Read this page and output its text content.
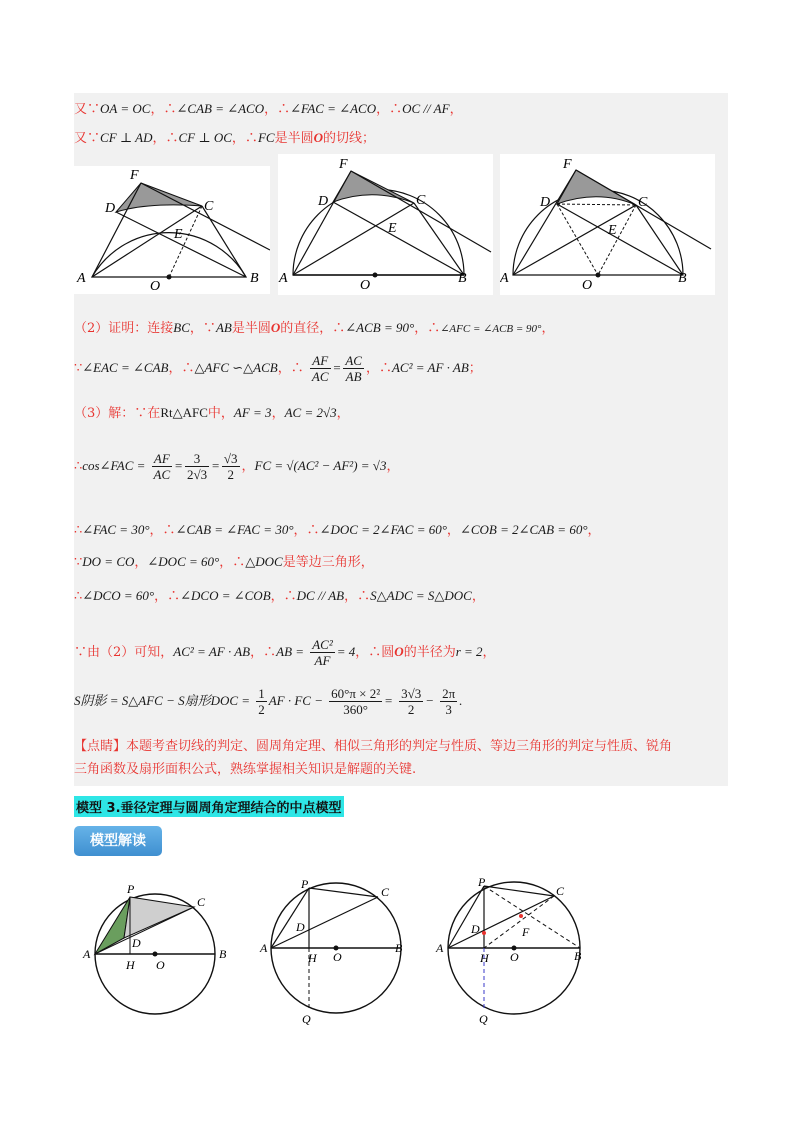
又∵OA = OC，∴∠CAB = ∠ACO，∴∠FAC = ∠ACO，∴OC // AF，
又∵CF ⊥ AD，∴CF ⊥ OC，∴FC是半圆O的切线；
A	B
C
D
E
F
O
A	B
C
D
E
F
O	A	B
C
D
E
F
O
（2）证明：连接BC，∵AB是半圆O的直径，∴∠ACB = 90°，∴∠AFC = ∠ACB = 90°，
∵∠EAC = ∠CAB，∴△AFC ∽△ACB，∴ $\frac{AF}{AC} = \frac{AC}{AB}$ ，∴AC² = AF · AB；
（3）解：∵在Rt△AFC中，AF = 3，AC = 2√3，
∴cos∠FAC = $\frac{AF}{AC} = \frac{3}{2√3} = \frac{√3}{2}$ ，FC = √(AC² − AF²) = √3，
∴∠FAC = 30°，∴∠CAB = ∠FAC = 30°，∴∠DOC = 2∠FAC = 60°，∠COB = 2∠CAB = 60°，
∵DO = CO，∠DOC = 60°，∴△DOC是等边三角形，
∴∠DCO = 60°，∴∠DCO = ∠COB，∴DC // AB，∴S△ADC = S△DOC，
∵由（2）可知，AC² = AF · AB，∴AB = $\frac{\text{AC²}}{AF} = 4$，∴圆O的半径为r = 2，
S阴影 = S△AFC − S扇形DOC = $\frac{1}{2}$ AF · FC − $\frac{\text{60°π × 2²}}{360^\circ} = \frac{3√3}{2} - \frac{2\pi}{3}$ .
【点睛】本题考查切线的判定、圆周角定理、相似三角形的判定与性质、等边三角形的判定与性质、锐角
三角函数及扇形面积公式，熟练掌握相关知识是解题的关键.
模型 3.垂径定理与圆周角定理结合的中点模型
模型解读
A	B
C
D
P
H O
A	B
C
D
P
H O
Q
A
B
C
D	F
P
H O
Q
